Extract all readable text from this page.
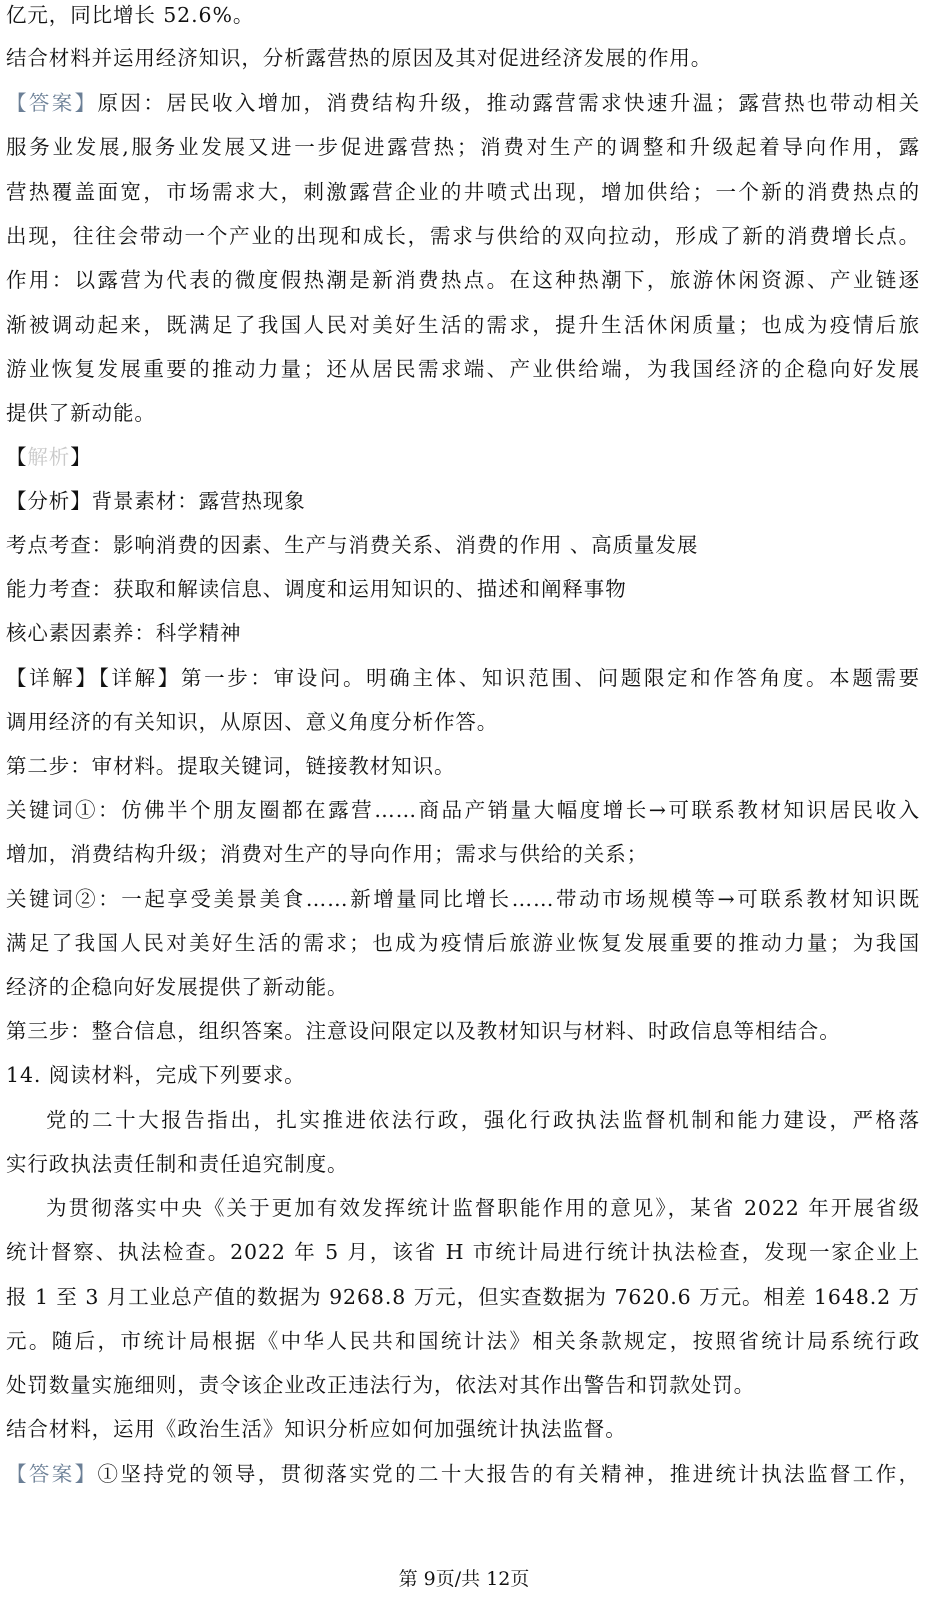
亿元，同比增长 52.6%。
结合材料并运用经济知识，分析露营热的原因及其对促进经济发展的作用。
【答案】原因：居民收入增加，消费结构升级，推动露营需求快速升温；露营热也带动相关
服务业发展,服务业发展又进一步促进露营热；消费对生产的调整和升级起着导向作用，露
营热覆盖面宽，市场需求大，刺激露营企业的井喷式出现，增加供给；一个新的消费热点的
出现，往往会带动一个产业的出现和成长，需求与供给的双向拉动，形成了新的消费增长点。
作用：以露营为代表的微度假热潮是新消费热点。在这种热潮下，旅游休闲资源、产业链逐
渐被调动起来，既满足了我国人民对美好生活的需求，提升生活休闲质量；也成为疫情后旅
游业恢复发展重要的推动力量；还从居民需求端、产业供给端，为我国经济的企稳向好发展
提供了新动能。
【解析】
【分析】背景素材：露营热现象
考点考查：影响消费的因素、生产与消费关系、消费的作用 、高质量发展
能力考查：获取和解读信息、调度和运用知识的、描述和阐释事物
核心素因素养：科学精神
【详解】【详解】第一步：审设问。明确主体、知识范围、问题限定和作答角度。本题需要
调用经济的有关知识，从原因、意义角度分析作答。
第二步：审材料。提取关键词，链接教材知识。
关键词①：仿佛半个朋友圈都在露营……商品产销量大幅度增长→可联系教材知识居民收入
增加，消费结构升级；消费对生产的导向作用；需求与供给的关系；
关键词②：一起享受美景美食……新增量同比增长……带动市场规模等→可联系教材知识既
满足了我国人民对美好生活的需求；也成为疫情后旅游业恢复发展重要的推动力量；为我国
经济的企稳向好发展提供了新动能。
第三步：整合信息，组织答案。注意设问限定以及教材知识与材料、时政信息等相结合。
14. 阅读材料，完成下列要求。
党的二十大报告指出，扎实推进依法行政，强化行政执法监督机制和能力建设，严格落
实行政执法责任制和责任追究制度。
为贯彻落实中央《关于更加有效发挥统计监督职能作用的意见》，某省 2022 年开展省级
统计督察、执法检查。2022 年 5 月，该省 H 市统计局进行统计执法检查，发现一家企业上
报 1 至 3 月工业总产值的数据为 9268.8 万元，但实查数据为 7620.6 万元。相差 1648.2 万
元。随后，市统计局根据《中华人民共和国统计法》相关条款规定，按照省统计局系统行政
处罚数量实施细则，责令该企业改正违法行为，依法对其作出警告和罚款处罚。
结合材料，运用《政治生活》知识分析应如何加强统计执法监督。
【答案】①坚持党的领导，贯彻落实党的二十大报告的有关精神，推进统计执法监督工作，
第 9页/共 12页
